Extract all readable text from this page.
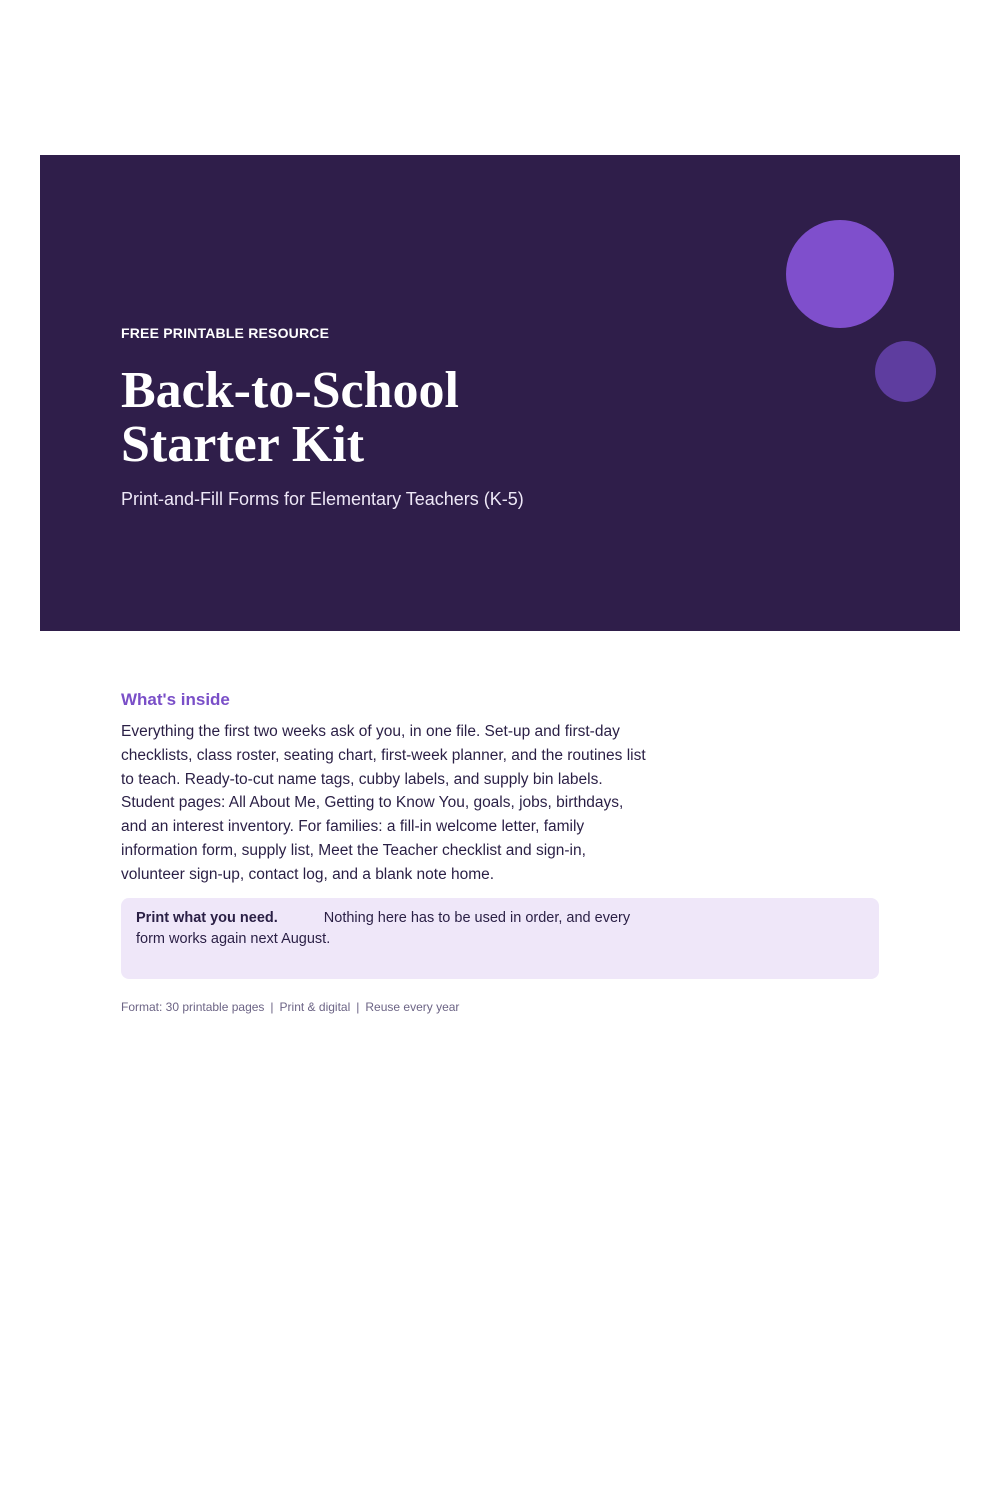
FREE PRINTABLE RESOURCE
Back-to-School
Starter Kit
Print-and-Fill Forms for Elementary Teachers (K-5)
What's inside

Everything the first two weeks ask of you, in one file. Set-up and first-day checklists, class roster, seating chart, first-week planner, and the routines list to teach. Ready-to-cut name tags, cubby labels, and supply bin labels. Student pages: All About Me, Getting to Know You, goals, jobs, birthdays, and an interest inventory. For families: a fill-in welcome letter, family information form, supply list, Meet the Teacher checklist and sign-in, volunteer sign-up, contact log, and a blank note home.

Print what you need.	Nothing here has to be used in order, and every form works again next August.
Format: 30 printable pages | Print & digital | Reuse every year
